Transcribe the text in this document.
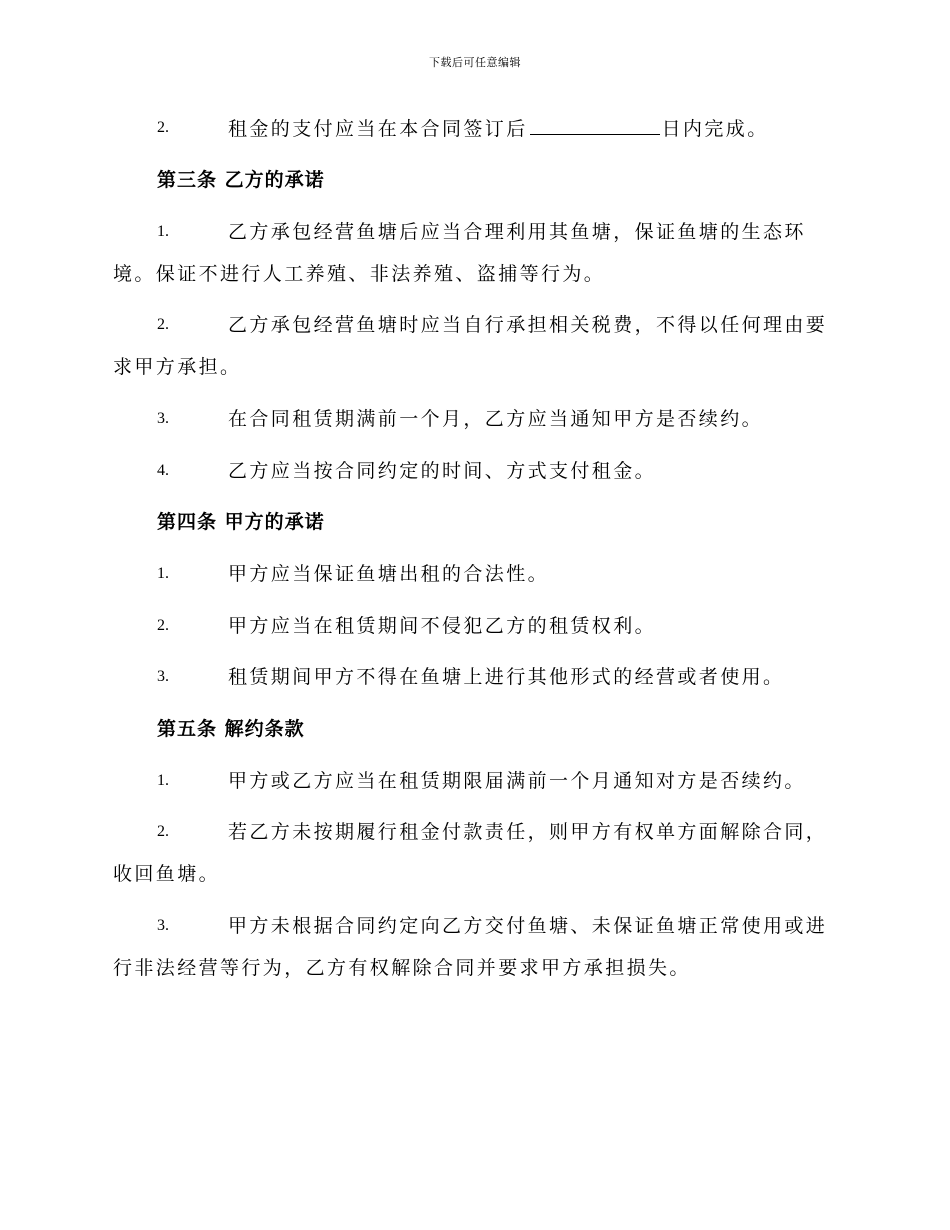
下载后可任意编辑
2.	租金的支付应当在本合同签订后	日内完成。
第三条 乙方的承诺
1.	乙方承包经营鱼塘后应当合理利用其鱼塘，保证鱼塘的生态环
境。保证不进行人工养殖、非法养殖、盗捕等行为。
2.	乙方承包经营鱼塘时应当自行承担相关税费，不得以任何理由要
求甲方承担。
3.	在合同租赁期满前一个月，乙方应当通知甲方是否续约。
4.	乙方应当按合同约定的时间、方式支付租金。
第四条 甲方的承诺
1.	甲方应当保证鱼塘出租的合法性。
2.	甲方应当在租赁期间不侵犯乙方的租赁权利。
3.	租赁期间甲方不得在鱼塘上进行其他形式的经营或者使用。
第五条 解约条款
1.	甲方或乙方应当在租赁期限届满前一个月通知对方是否续约。
2.	若乙方未按期履行租金付款责任，则甲方有权单方面解除合同，
收回鱼塘。
3.	甲方未根据合同约定向乙方交付鱼塘、未保证鱼塘正常使用或进
行非法经营等行为，乙方有权解除合同并要求甲方承担损失。
